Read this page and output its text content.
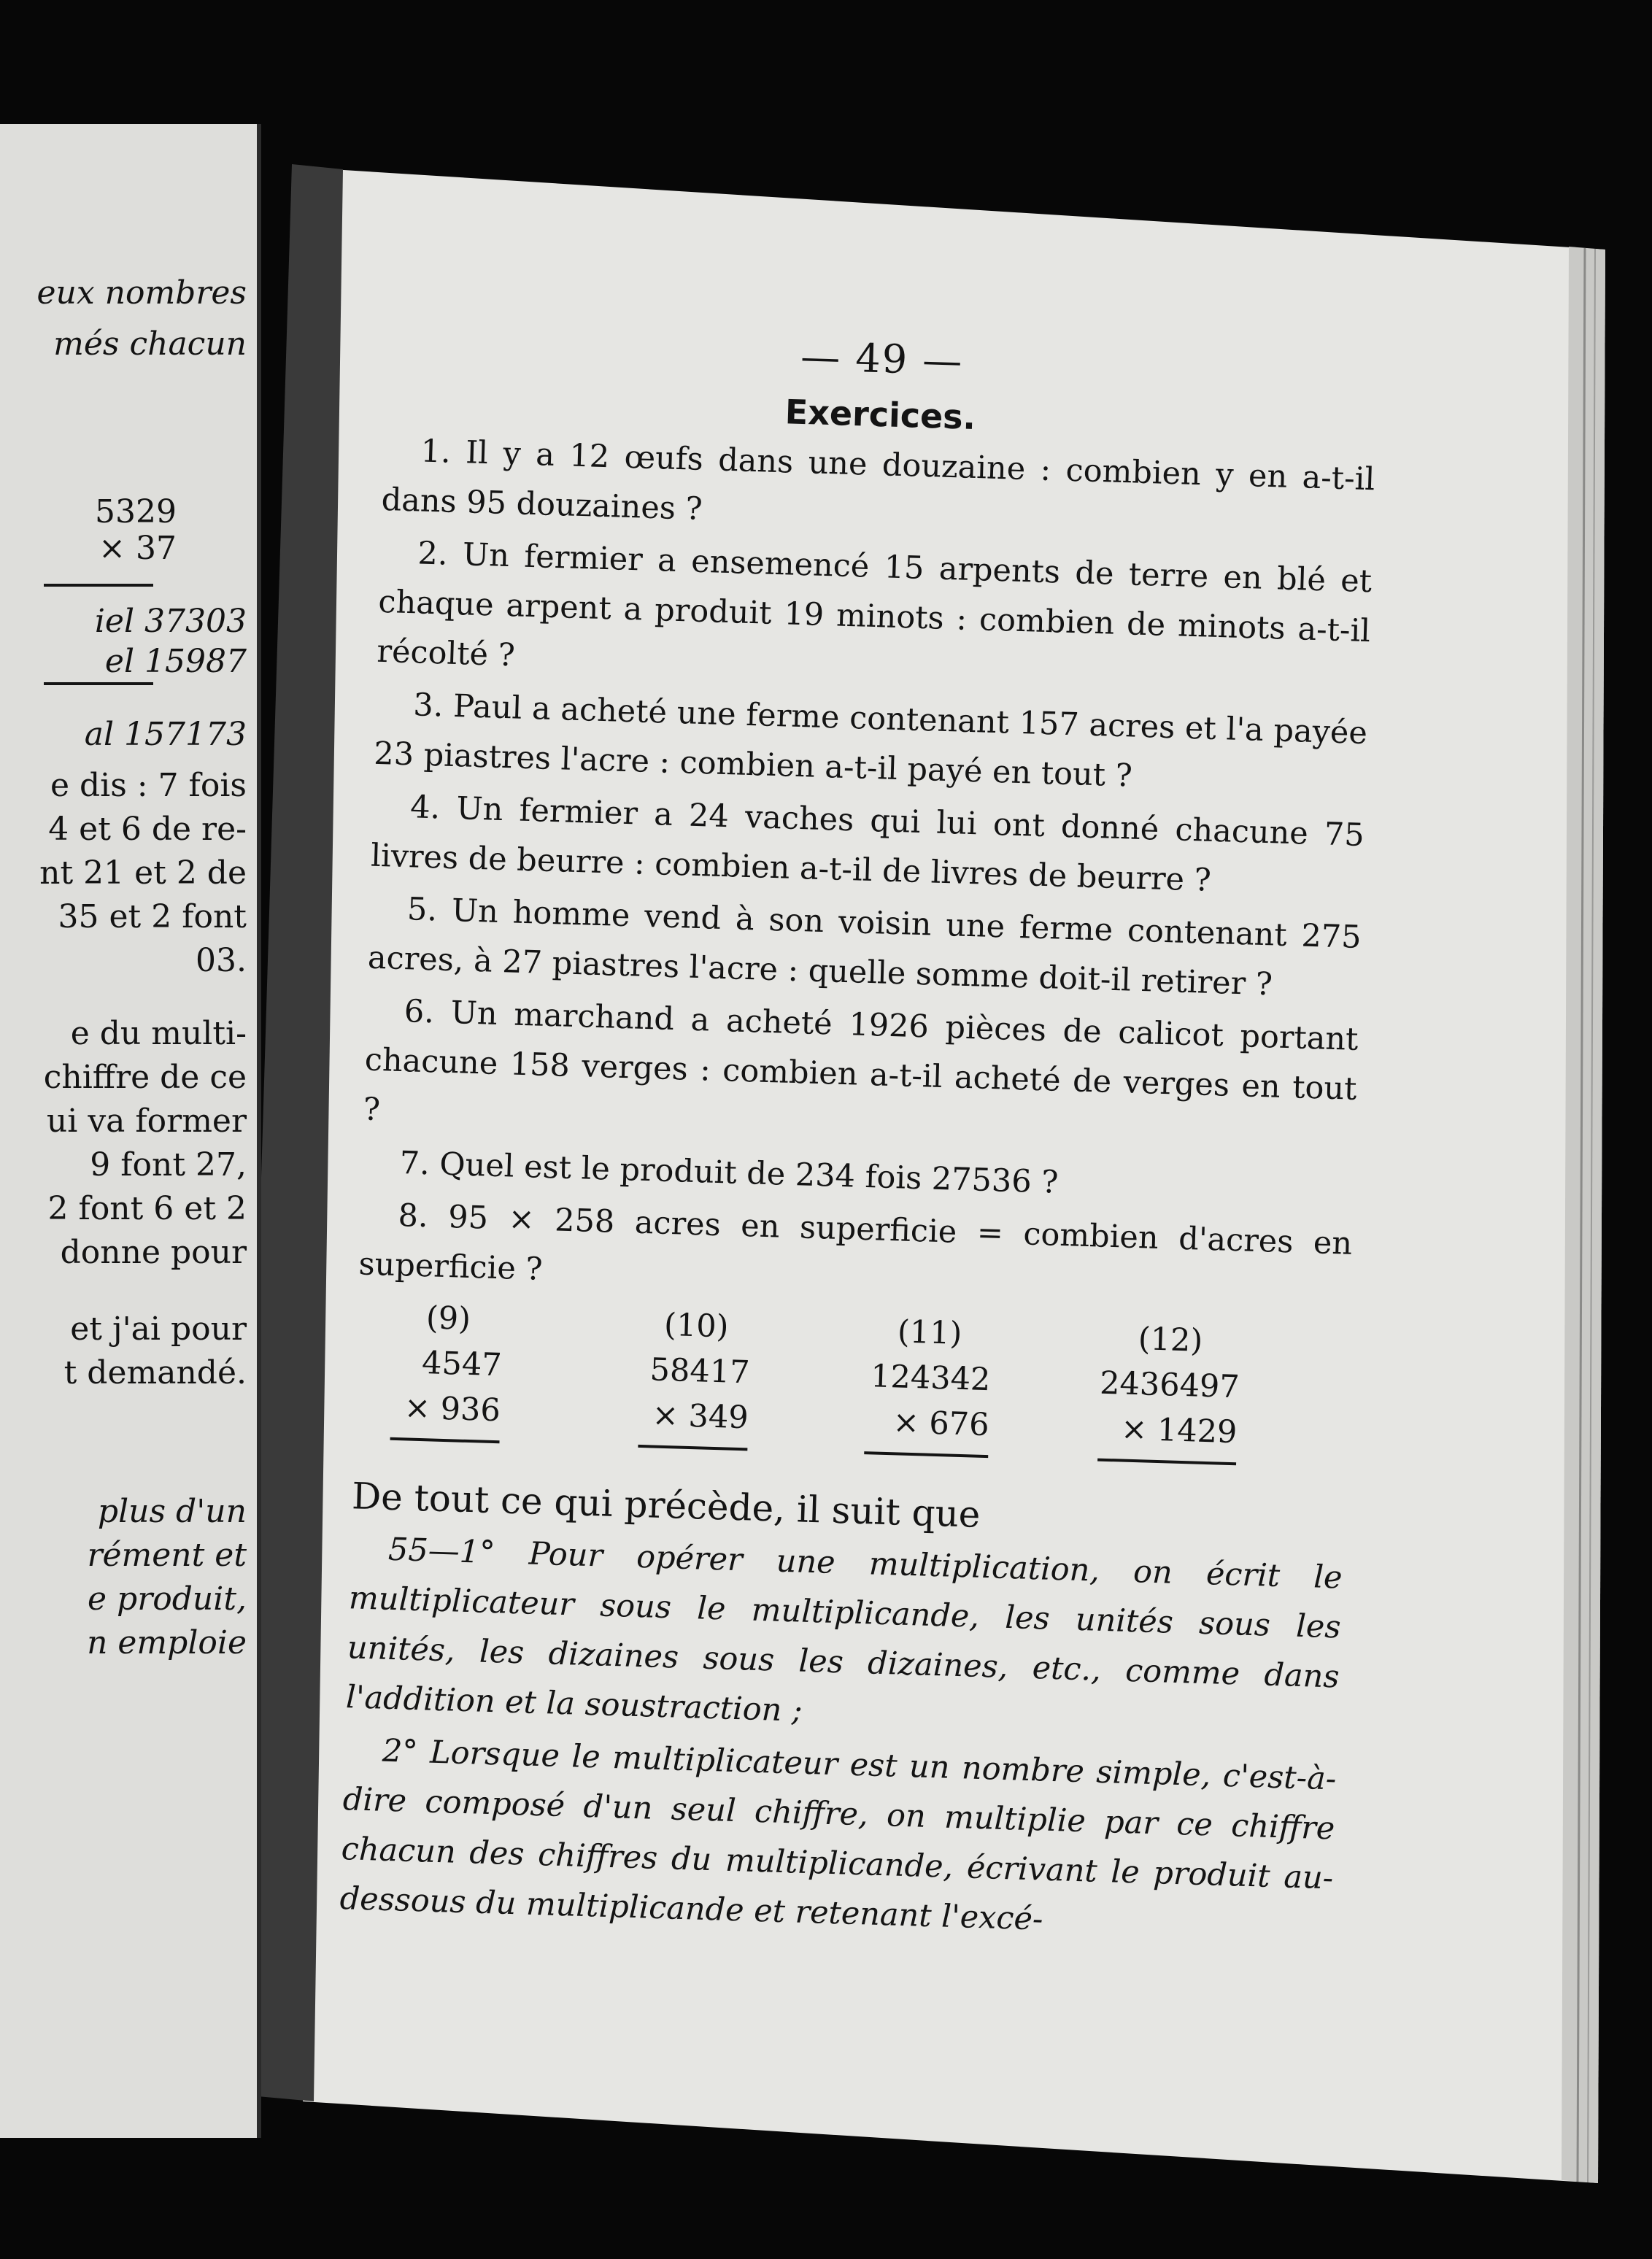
eux nombres
més chacun
5329
× 37
iel 37303
el 15987
al 157173
e dis : 7 fois
4 et 6 de re-
nt 21 et 2 de
35 et 2 font
03.
e du multi-
chiffre de ce
ui va former
9 font 27,
2 font 6 et 2
donne pour
et j'ai pour
t demandé.
plus d'un
rément et
e produit,
n emploie
— 49 —
Exercices.

1. Il y a 12 œufs dans une douzaine : combien y en a-t-il dans 95 douzaines ?

2. Un fermier a ensemencé 15 arpents de terre en blé et chaque arpent a produit 19 minots : combien de minots a-t-il récolté ?

3. Paul a acheté une ferme contenant 157 acres et l'a payée 23 piastres l'acre : combien a-t-il payé en tout ?

4. Un fermier a 24 vaches qui lui ont donné chacune 75 livres de beurre : combien a-t-il de livres de beurre ?

5. Un homme vend à son voisin une ferme contenant 275 acres, à 27 piastres l'acre : quelle somme doit-il retirer ?

6. Un marchand a acheté 1926 pièces de calicot portant chacune 158 verges : combien a-t-il acheté de verges en tout ?

7. Quel est le produit de 234 fois 27536 ?

8. 95 × 258 acres en superficie = combien d'acres en superficie ?

(9)
4547
× 936
(10)
58417
× 349
(11)
124342
× 676
(12)
2436497
× 1429

De tout ce qui précède, il suit que

55—1° Pour opérer une multiplication, on écrit le multiplicateur sous le multiplicande, les unités sous les unités, les dizaines sous les dizaines, etc., comme dans l'addition et la soustraction ;

2° Lorsque le multiplicateur est un nombre simple, c'est-à-dire composé d'un seul chiffre, on multiplie par ce chiffre chacun des chiffres du multiplicande, écrivant le produit au-dessous du multiplicande et retenant l'excé-
